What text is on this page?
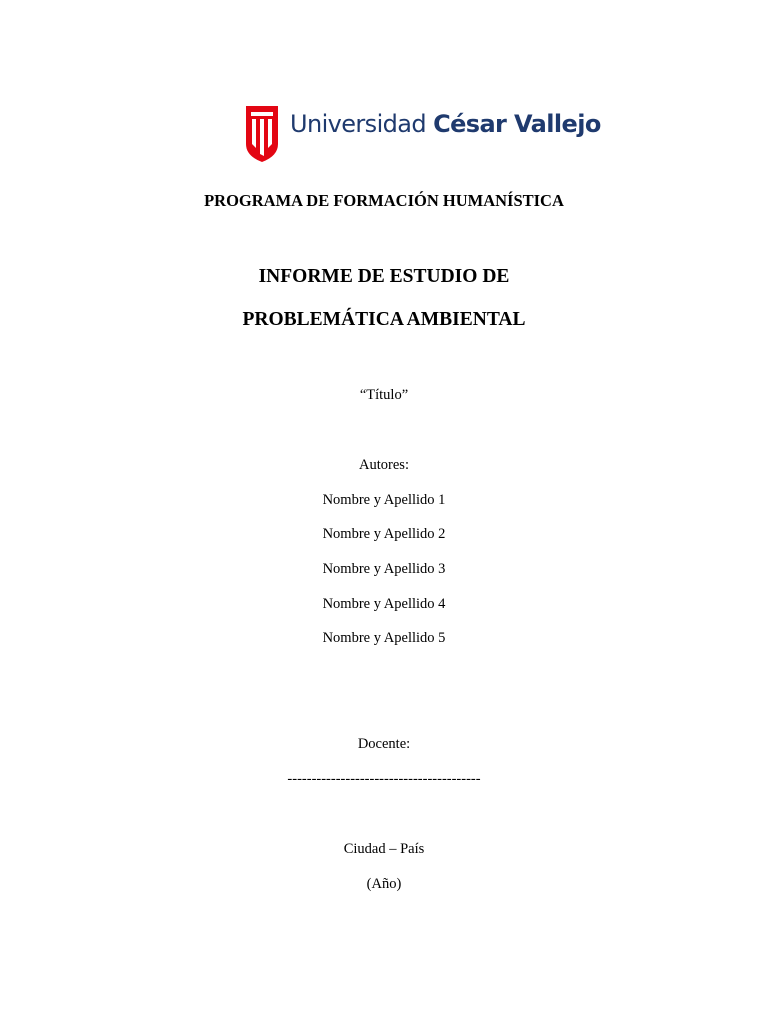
Universidad César Vallejo
PROGRAMA DE FORMACIÓN HUMANÍSTICA
INFORME DE ESTUDIO DE
PROBLEMÁTICA AMBIENTAL
“Título”
Autores:
Nombre y Apellido 1
Nombre y Apellido 2
Nombre y Apellido 3
Nombre y Apellido 4
Nombre y Apellido 5
Docente:
----------------------------------------
Ciudad – País
(Año)
